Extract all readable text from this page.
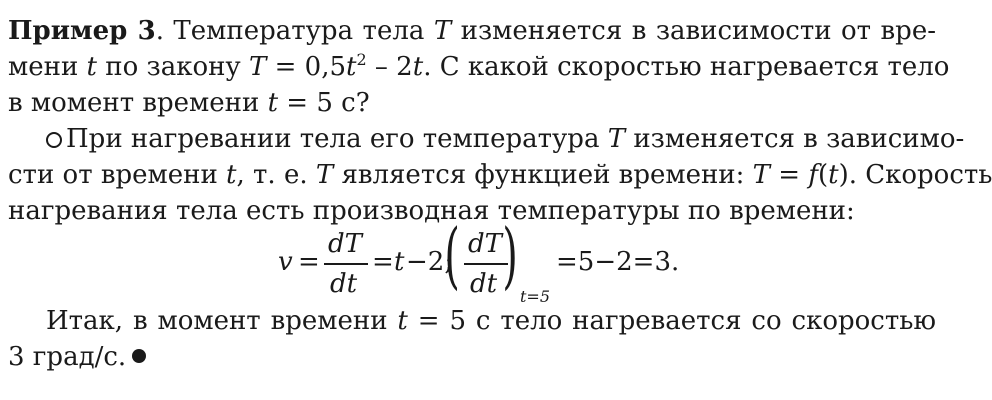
Пример 3. Температура тела T изменяется в зависимости от вре-
мени t по закону $T = 0,5t^2 - 2t$. С какой скоростью нагревается тело
в момент времени t = 5 с?
При нагревании тела его температура T изменяется в зависимо-
сти от времени t, т. е. T является функцией времени: T = f(t). Скорость
нагревания тела есть производная температуры по времени:
v =
dT
dt
= t −2;
( dT
dt ) t=5
=5−2=3.
Итак, в момент времени t = 5 с тело нагревается со скоростью
3 град/с.
